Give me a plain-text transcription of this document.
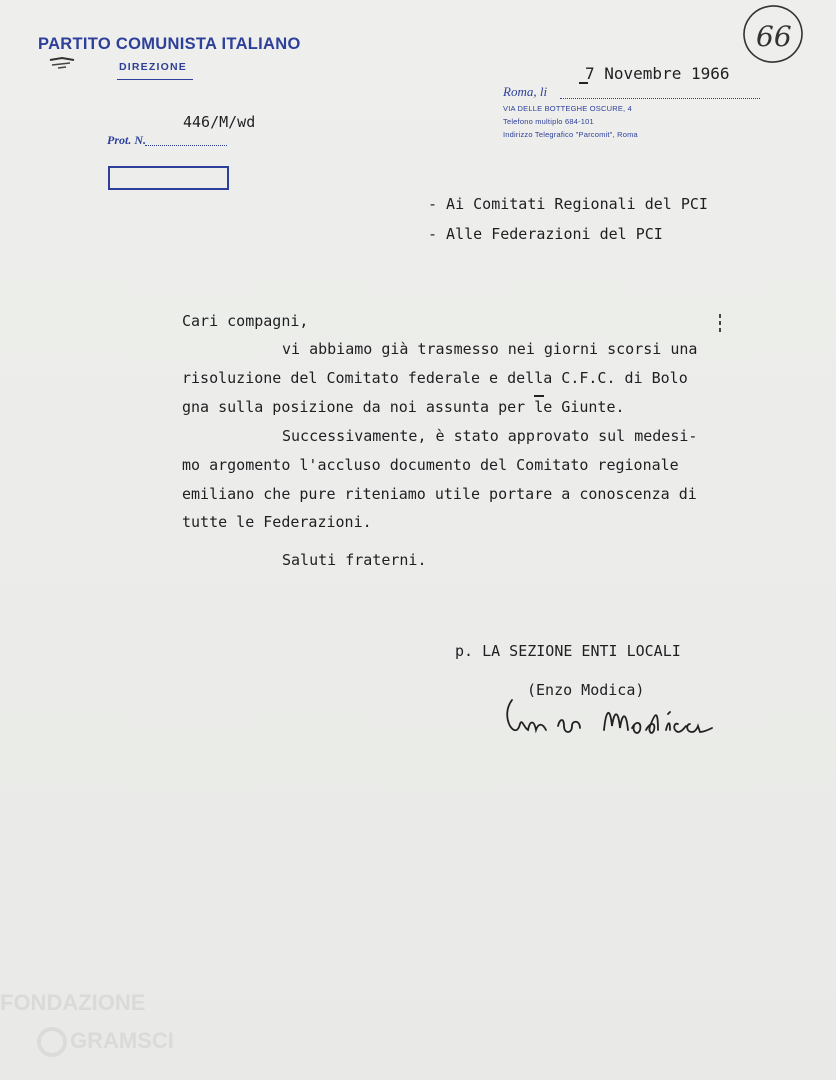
PARTITO COMUNISTA ITALIANO
DIREZIONE
446/M/wd
Prot. N.
66
7 Novembre 1966
Roma, li
VIA DELLE BOTTEGHE OSCURE, 4
Telefono multiplo 684-101
Indirizzo Telegrafico "Parcomit", Roma
- Ai Comitati Regionali del PCI
- Alle Federazioni del PCI
Cari compagni,
vi abbiamo già trasmesso nei giorni scorsi una
risoluzione del Comitato federale e della C.F.C. di Bolo
gna sulla posizione da noi assunta per le Giunte.
Successivamente, è stato approvato sul medesi-
mo argomento l'accluso documento del Comitato regionale
emiliano che pure riteniamo utile portare a conoscenza di
tutte le Federazioni.
Saluti fraterni.
p. LA SEZIONE ENTI LOCALI
(Enzo Modica)
FONDAZIONE
GRAMSCI
